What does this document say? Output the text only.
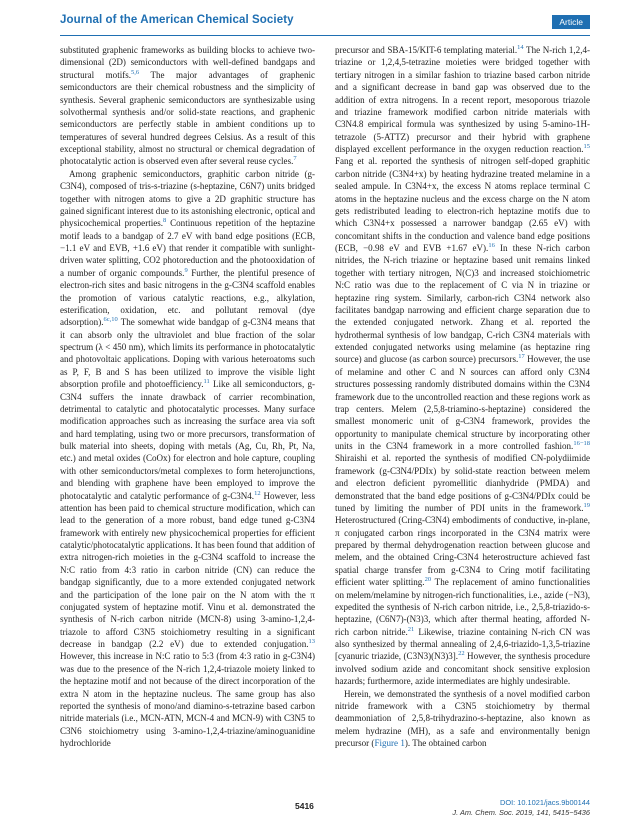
Journal of the American Chemical Society	Article

substituted graphenic frameworks as building blocks to achieve two-dimensional (2D) semiconductors with well-defined bandgaps and structural motifs.$^{5,6}$ The major advantages of graphenic semiconductors are their chemical robustness and the simplicity of synthesis. Several graphenic semiconductors are synthesizable using solvothermal synthesis and/or solid-state reactions, and graphenic semiconductors are perfectly stable in ambient conditions up to temperatures of several hundred degrees Celsius. As a result of this exceptional stability, almost no structural or chemical degradation of photocatalytic action is observed even after several reuse cycles.$^7$

Among graphenic semiconductors, graphitic carbon nitride (g-C3N4), composed of tris-s-triazine (s-heptazine, C6N7) units bridged together with nitrogen atoms to give a 2D graphitic structure has gained significant interest due to its astonishing electronic, optical and physicochemical properties.$^8$ Continuous repetition of the heptazine motif leads to a bandgap of 2.7 eV with band edge positions (ECB, −1.1 eV and EVB, +1.6 eV) that render it compatible with sunlight-driven water splitting, CO2 photoreduction and the photooxidation of a number of organic compounds.$^9$ Further, the plentiful presence of electron-rich sites and basic nitrogens in the g-C3N4 scaffold enables the promotion of various catalytic reactions, e.g., alkylation, esterification, oxidation, etc. and pollutant removal (dye adsorption).$^{6c,10}$ The somewhat wide bandgap of g-C3N4 means that it can absorb only the ultraviolet and blue fraction of the solar spectrum (λ < 450 nm), which limits its performance in photocatalytic and photovoltaic applications. Doping with various heteroatoms such as P, F, B and S has been utilized to improve the visible light absorption profile and photoefficiency.$^{11}$ Like all semiconductors, g-C3N4 suffers the innate drawback of carrier recombination, detrimental to catalytic and photocatalytic processes. Many surface modification approaches such as increasing the surface area via soft and hard templating, using two or more precursors, transformation of bulk material into sheets, doping with metals (Ag, Cu, Rh, Pt, Na, etc.) and metal oxides (CoOx) for electron and hole capture, coupling with other semiconductors/metal complexes to form heterojunctions, and blending with graphene have been employed to improve the photocatalytic and catalytic performance of g-C3N4.12 However, less attention has been paid to chemical structure modification, which can lead to the generation of a more robust, band edge tuned g-C3N4 framework with entirely new physicochemical properties for efficient catalytic/photocatalytic applications. It has been found that addition of extra nitrogen-rich moieties in the g-C3N4 scaffold to increase the N:C ratio from 4:3 ratio in carbon nitride (CN) can reduce the bandgap significantly, due to a more extended conjugated network and the participation of the lone pair on the N atom with the π conjugated system of heptazine motif. Vinu et al. demonstrated the synthesis of N-rich carbon nitride (MCN-8) using 3-amino-1,2,4-triazole to afford C3N5 stoichiometry resulting in a significant decrease in bandgap (2.2 eV) due to extended conjugation.$^{13}$ However, this increase in N:C ratio to 5:3 (from 4:3 ratio in g-C3N4) was due to the presence of the N-rich 1,2,4-triazole moiety linked to the heptazine motif and not because of the direct incorporation of the extra N atom in the heptazine nucleus. The same group has also reported the synthesis of mono/and diamino-s-tetrazine based carbon nitride materials (i.e., MCN-ATN, MCN-4 and MCN-9) with C3N5 to C3N6 stoichiometry using 3-amino-1,2,4-triazine/aminoguanidine hydrochloride

precursor and SBA-15/KIT-6 templating material.$^{14}$ The N-rich 1,2,4-triazine or 1,2,4,5-tetrazine moieties were bridged together with tertiary nitrogen in a similar fashion to triazine based carbon nitride and a significant decrease in band gap was observed due to the addition of extra nitrogens. In a recent report, mesoporous triazole and triazine framework modified carbon nitride materials with C3N4.8 empirical formula was synthesized by using 5-amino-1H-tetrazole (5-ATTZ) precursor and their hybrid with graphene displayed excellent performance in the oxygen reduction reaction.$^{15}$ Fang et al. reported the synthesis of nitrogen self-doped graphitic carbon nitride (C3N4+x) by heating hydrazine treated melamine in a sealed ampule. In C3N4+x, the excess N atoms replace terminal C atoms in the heptazine nucleus and the excess charge on the N atom gets redistributed leading to electron-rich heptazine motifs due to which C3N4+x possessed a narrower bandgap (2.65 eV) with concomitant shifts in the conduction and valence band edge positions (ECB, −0.98 eV and EVB +1.67 eV).$^{16}$ In these N-rich carbon nitrides, the N-rich triazine or heptazine based unit remains linked together with tertiary nitrogen, N(C)3 and increased stoichiometric N:C ratio was due to the replacement of C via N in triazine or heptazine ring system. Similarly, carbon-rich C3N4 network also facilitates bandgap narrowing and efficient charge separation due to the extended conjugated network. Zhang et al. reported the hydrothermal synthesis of low bandgap, C-rich C3N4 materials with extended conjugated networks using melamine (as heptazine ring source) and glucose (as carbon source) precursors.$^{17}$ However, the use of melamine and other C and N sources can afford only C3N4 structures possessing randomly distributed domains within the C3N4 framework due to the uncontrolled reaction and these regions work as trap centers. Melem (2,5,8-triamino-s-heptazine) considered the smallest monomeric unit of g-C3N4 framework, provides the opportunity to manipulate chemical structure by incorporating other units in the C3N4 framework in a more controlled fashion.$^{16-18}$ Shiraishi et al. reported the synthesis of modified CN-polydiimide framework (g-C3N4/PDIx) by solid-state reaction between melem and electron deficient pyromellitic dianhydride (PMDA) and demonstrated that the band edge positions of g-C3N4/PDIx could be tuned by limiting the number of PDI units in the framework.$^{19}$ Heterostructured (Cring-C3N4) embodiments of conductive, in-plane, π conjugated carbon rings incorporated in the C3N4 matrix were prepared by thermal dehydrogenation reaction between glucose and melem, and the obtained Cring-C3N4 heterostructure achieved fast spatial charge transfer from g-C3N4 to Cring motif facilitating efficient water splitting.$^{20}$ The replacement of amino functionalities on melem/melamine by nitrogen-rich functionalities, i.e., azide (−N3), expedited the synthesis of N-rich carbon nitride, i.e., 2,5,8-triazido-s-heptazine, (C6N7)-(N3)3, which after thermal heating, afforded N-rich carbon nitride.$^{21}$ Likewise, triazine containing N-rich CN was also synthesized by thermal annealing of 2,4,6-triazido-1,3,5-triazine [cyanuric triazide, (C3N3)(N3)3].$^{22}$ However, the synthesis procedure involved sodium azide and concomitant shock sensitive explosion hazards; furthermore, azide intermediates are highly undesirable.

Herein, we demonstrated the synthesis of a novel modified carbon nitride framework with a C3N5 stoichiometry by thermal deammoniation of 2,5,8-trihydrazino-s-heptazine, also known as melem hydrazine (MH), as a safe and environmentally benign precursor (Figure 1). The obtained carbon

5416	DOI: 10.1021/jacs.9b00144
J. Am. Chem. Soc. 2019, 141, 5415−5436
